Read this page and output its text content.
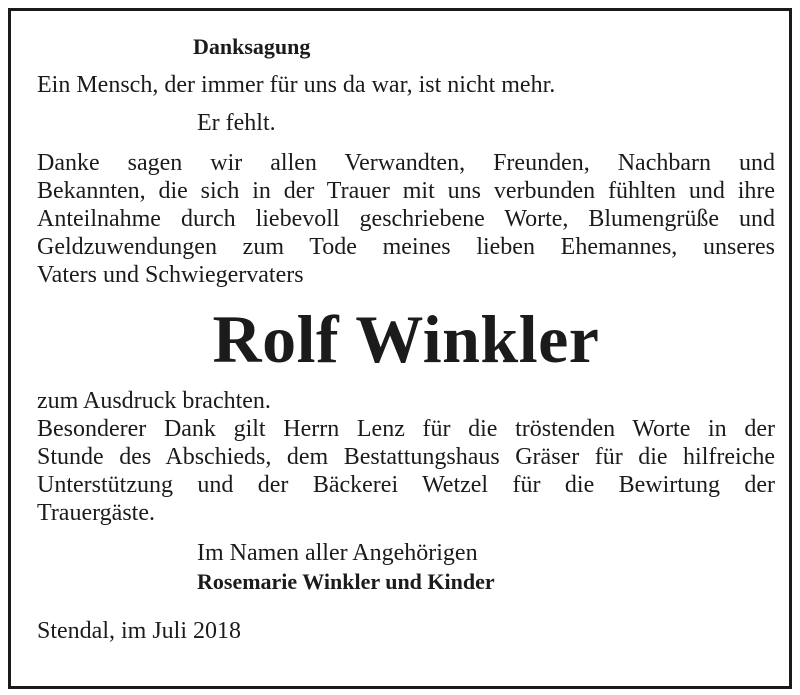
Danksagung

Ein Mensch, der immer für uns da war, ist nicht mehr.

Er fehlt.

Danke sagen wir allen Verwandten, Freunden, Nachbarn und

Bekannten, die sich in der Trauer mit uns verbunden fühlten und ihre

Anteilnahme durch liebevoll geschriebene Worte, Blumengrüße und

Geldzuwendungen zum Tode meines lieben Ehemannes, unseres

Vaters und Schwiegervaters

Rolf Winkler

zum Ausdruck brachten.

Besonderer Dank gilt Herrn Lenz für die tröstenden Worte in der

Stunde des Abschieds, dem Bestattungshaus Gräser für die hilfreiche

Unterstützung und der Bäckerei Wetzel für die Bewirtung der

Trauergäste.

Im Namen aller Angehörigen

Rosemarie Winkler und Kinder

Stendal, im Juli 2018
